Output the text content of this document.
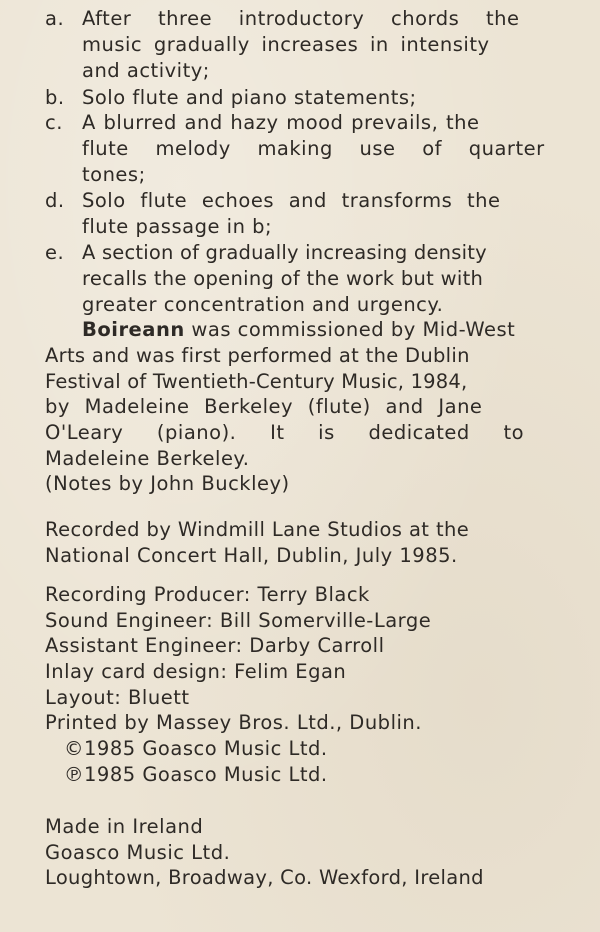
a. After three introductory chords the
music gradually increases in intensity
and activity;
b. Solo flute and piano statements;
c. A blurred and hazy mood prevails, the
flute melody making use of quarter
tones;
d. Solo flute echoes and transforms the
flute passage in b;
e. A section of gradually increasing density
recalls the opening of the work but with
greater concentration and urgency.
Boireann was commissioned by Mid-West
Arts and was first performed at the Dublin
Festival of Twentieth-Century Music, 1984,
by Madeleine Berkeley (flute) and Jane
O'Leary (piano). It is dedicated to
Madeleine Berkeley.
(Notes by John Buckley)
Recorded by Windmill Lane Studios at the
National Concert Hall, Dublin, July 1985.
Recording Producer: Terry Black
Sound Engineer: Bill Somerville-Large
Assistant Engineer: Darby Carroll
Inlay card design: Felim Egan
Layout: Bluett
Printed by Massey Bros. Ltd., Dublin.
©1985 Goasco Music Ltd.
℗1985 Goasco Music Ltd.
Made in Ireland
Goasco Music Ltd.
Loughtown, Broadway, Co. Wexford, Ireland
